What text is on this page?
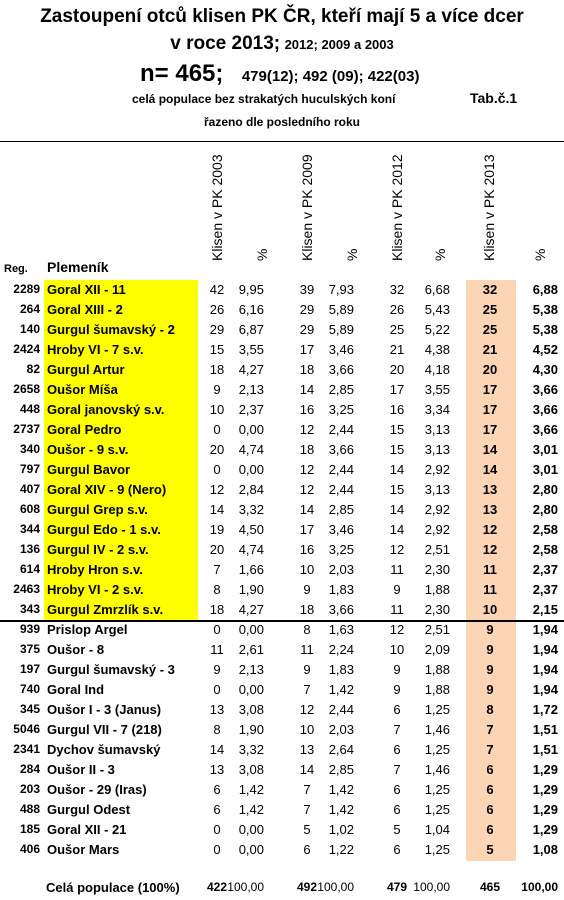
Zastoupení otců klisen PK ČR, kteří mají 5 a více dcer
v roce 2013; 2012; 2009 a 2003
n= 465; 479(12); 492 (09); 422(03)
celá populace bez strakatých huculských koní	Tab.č.1
řazeno dle posledního roku
Reg. Plemeník
Klisen v PK 2003 % Klisen v PK 2009 % Klisen v PK 2012 % Klisen v PK 2013	%
2289 Goral XII - 11	42	9,95	39	7,93	32	6,68	32	6,88
264 Goral XIII - 2	26	6,16	29	5,89	26	5,43	25	5,38
140 Gurgul šumavský - 2	29	6,87	29	5,89	25	5,22	25	5,38
2424 Hroby VI - 7 s.v.	15	3,55	17	3,46	21	4,38	21	4,52
82 Gurgul Artur	18	4,27	18	3,66	20	4,18	20	4,30
2658 Oušor Míša	9	2,13	14	2,85	17	3,55	17	3,66
448 Goral janovský s.v.	10	2,37	16	3,25	16	3,34	17	3,66
2737 Goral Pedro	0	0,00	12	2,44	15	3,13	17	3,66
340 Oušor - 9 s.v.	20	4,74	18	3,66	15	3,13	14	3,01
797 Gurgul Bavor	0	0,00	12	2,44	14	2,92	14	3,01
407 Goral XIV - 9 (Nero)	12	2,84	12	2,44	15	3,13	13	2,80
608 Gurgul Grep s.v.	14	3,32	14	2,85	14	2,92	13	2,80
344 Gurgul Edo - 1 s.v.	19	4,50	17	3,46	14	2,92	12	2,58
136 Gurgul IV - 2 s.v.	20	4,74	16	3,25	12	2,51	12	2,58
614 Hroby Hron s.v.	7	1,66	10	2,03	11	2,30	11	2,37
2463 Hroby VI - 2 s.v.	8	1,90	9	1,83	9	1,88	11	2,37
343 Gurgul Zmrzlík s.v.	18	4,27	18	3,66	11	2,30	10	2,15
939 Prislop Argel	0	0,00	8	1,63	12	2,51	9	1,94
375 Oušor - 8	11	2,61	11	2,24	10	2,09	9	1,94
197 Gurgul šumavský - 3	9	2,13	9	1,83	9	1,88	9	1,94
740 Goral Ind	0	0,00	7	1,42	9	1,88	9	1,94
345 Oušor I - 3 (Janus)	13	3,08	12	2,44	6	1,25	8	1,72
5046 Gurgul VII - 7 (218)	8	1,90	10	2,03	7	1,46	7	1,51
2341 Dychov šumavský	14	3,32	13	2,64	6	1,25	7	1,51
284 Oušor II - 3	13	3,08	14	2,85	7	1,46	6	1,29
203 Oušor - 29 (Iras)	6	1,42	7	1,42	6	1,25	6	1,29
488 Gurgul Odest	6	1,42	7	1,42	6	1,25	6	1,29
185 Goral XII - 21	0	0,00	5	1,02	5	1,04	6	1,29
406 Oušor Mars	0	0,00	6	1,22	6	1,25	5	1,08
Celá populace (100%)	422 100,00	492 100,00	479 100,00	465	100,00
